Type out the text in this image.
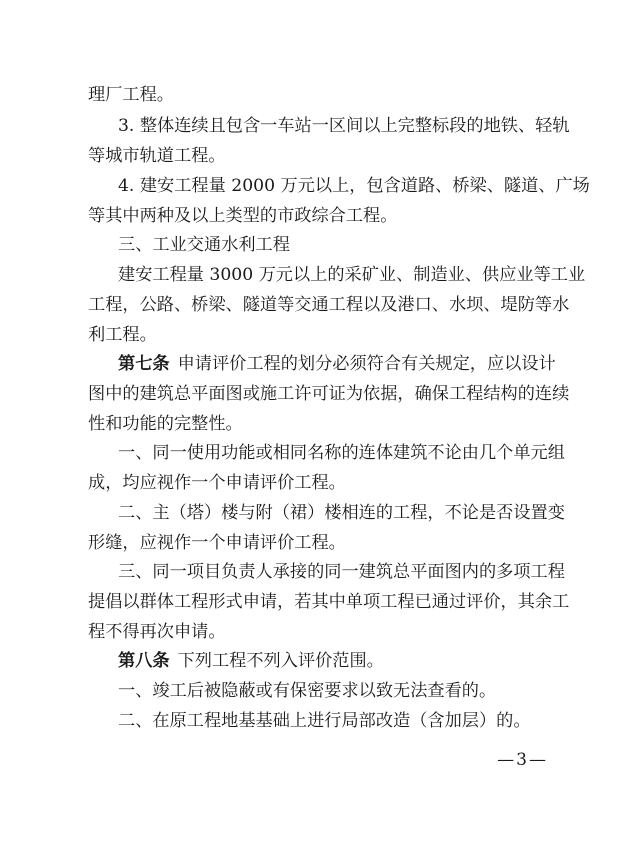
理厂工程。
3. 整体连续且包含一车站一区间以上完整标段的地铁、轻轨
等城市轨道工程。
4. 建安工程量 2000 万元以上，包含道路、桥梁、隧道、广场
等其中两种及以上类型的市政综合工程。
三、工业交通水利工程
建安工程量 3000 万元以上的采矿业、制造业、供应业等工业
工程，公路、桥梁、隧道等交通工程以及港口、水坝、堤防等水
利工程。
第七条 申请评价工程的划分必须符合有关规定，应以设计
图中的建筑总平面图或施工许可证为依据，确保工程结构的连续
性和功能的完整性。
一、同一使用功能或相同名称的连体建筑不论由几个单元组
成，均应视作一个申请评价工程。
二、主（塔）楼与附（裙）楼相连的工程，不论是否设置变
形缝，应视作一个申请评价工程。
三、同一项目负责人承接的同一建筑总平面图内的多项工程
提倡以群体工程形式申请，若其中单项工程已通过评价，其余工
程不得再次申请。
第八条 下列工程不列入评价范围。
一、竣工后被隐蔽或有保密要求以致无法查看的。
二、在原工程地基基础上进行局部改造（含加层）的。
— 3 —
